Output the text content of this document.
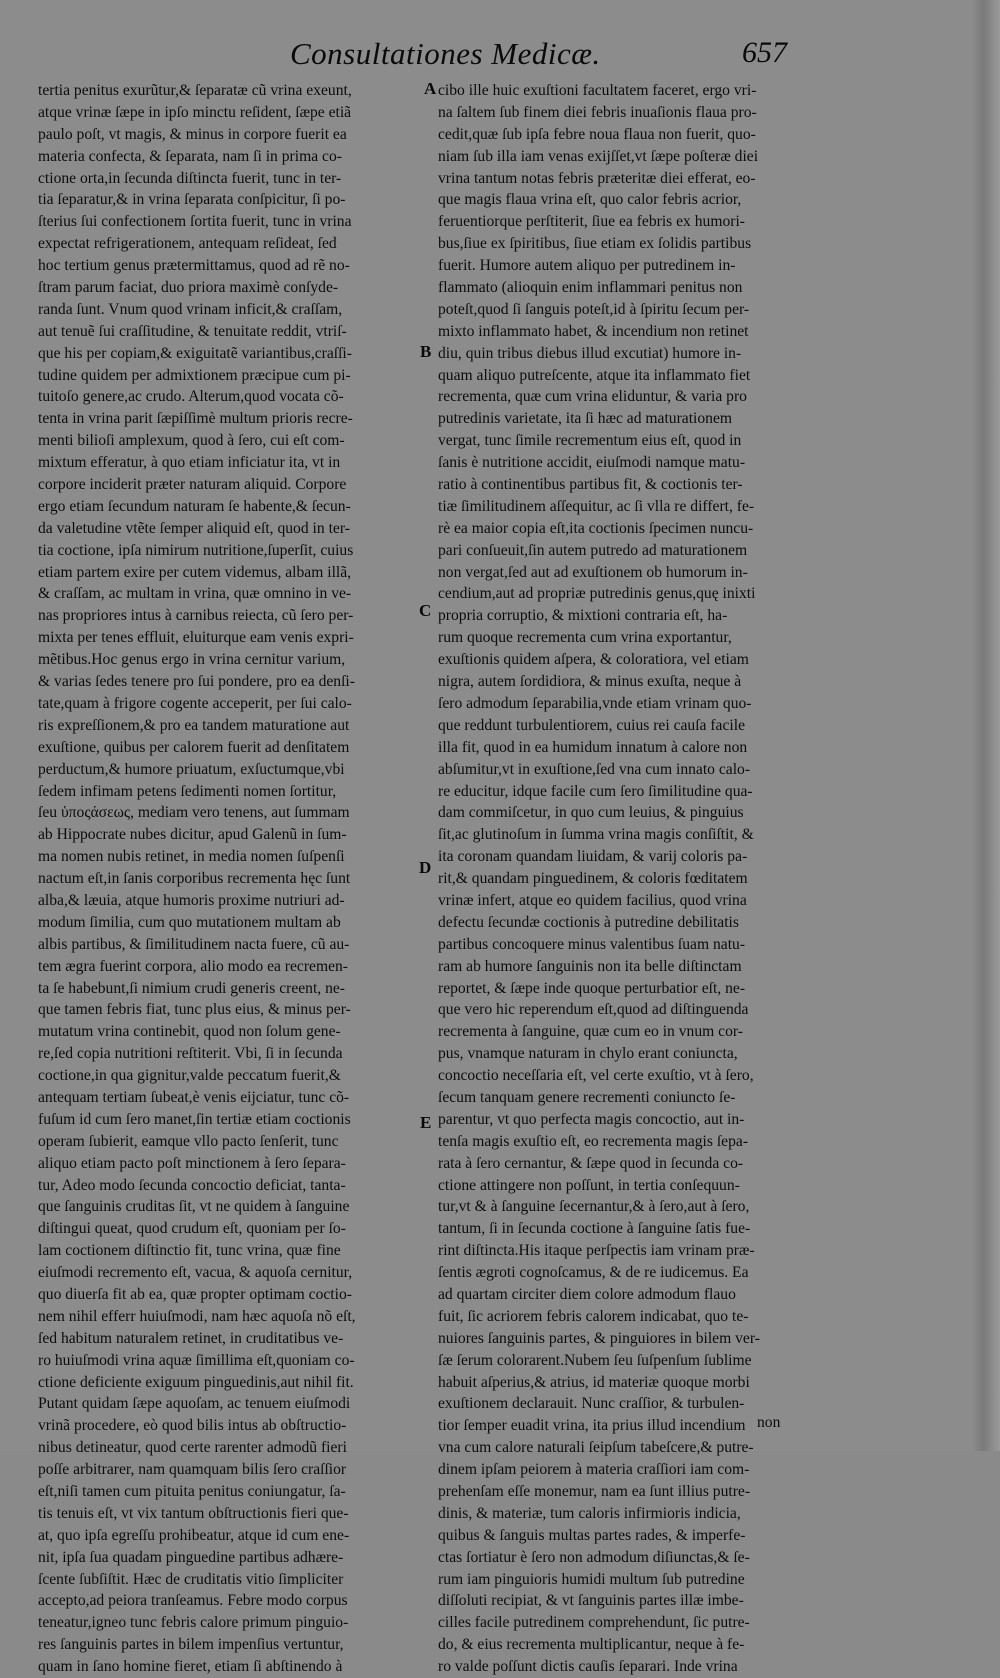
Consultationes Medicæ.	657
A
B
C
D
E
tertia penitus exurũtur,& ſeparatæ cũ vrina exeunt,
atque vrinæ ſæpe in ipſo minctu reſident, ſæpe etiã
paulo poſt, vt magis, & minus in corpore fuerit ea
materia confecta, & ſeparata, nam ſi in prima co-
ctione orta,in ſecunda diſtincta fuerit, tunc in ter-
tia ſeparatur,& in vrina ſeparata conſpicitur, ſi po-
ſterius ſui confectionem ſortita fuerit, tunc in vrina
expectat refrigerationem, antequam reſideat, ſed
hoc tertium genus prætermittamus, quod ad rẽ no-
ſtram parum faciat, duo priora maximè conſyde-
randa ſunt. Vnum quod vrinam inficit,& craſſam,
aut tenuẽ ſui craſſitudine, & tenuitate reddit, vtriſ-
que his per copiam,& exiguitatẽ variantibus,craſſi-
tudine quidem per admixtionem præcipue cum pi-
tuitoſo genere,ac crudo. Alterum,quod vocata cõ-
tenta in vrina parit ſæpiſſimè multum prioris recre-
menti bilioſi amplexum, quod à ſero, cui eſt com-
mixtum efferatur, à quo etiam inficiatur ita, vt in
corpore inciderit præter naturam aliquid. Corpore
ergo etiam ſecundum naturam ſe habente,& ſecun-
da valetudine vtẽte ſemper aliquid eſt, quod in ter-
tia coctione, ipſa nimirum nutritione,ſuperſit, cuius
etiam partem exire per cutem videmus, albam illã,
& craſſam, ac multam in vrina, quæ omnino in ve-
nas propriores intus à carnibus reiecta, cũ ſero per-
mixta per tenes effluit, eluiturque eam venis expri-
mẽtibus.Hoc genus ergo in vrina cernitur varium,
& varias ſedes tenere pro ſui pondere, pro ea denſi-
tate,quam à frigore cogente acceperit, per ſui calo-
ris expreſſionem,& pro ea tandem maturatione aut
exuſtione, quibus per calorem fuerit ad denſitatem
perductum,& humore priuatum, exſuctumque,vbi
ſedem infimam petens ſedimenti nomen ſortitur,
ſeu ὑποςάσεως, mediam vero tenens, aut ſummam
ab Hippocrate nubes dicitur, apud Galenũ in ſum-
ma nomen nubis retinet, in media nomen ſuſpenſi
nactum eſt,in ſanis corporibus recrementa hęc ſunt
alba,& læuia, atque humoris proxime nutriuri ad-
modum ſimilia, cum quo mutationem multam ab
albis partibus, & ſimilitudinem nacta fuere, cũ au-
tem ægra fuerint corpora, alio modo ea recremen-
ta ſe habebunt,ſi nimium crudi generis creent, ne-
que tamen febris fiat, tunc plus eius, & minus per-
mutatum vrina continebit, quod non ſolum gene-
re,ſed copia nutritioni reſtiterit. Vbi, ſi in ſecunda
coctione,in qua gignitur,valde peccatum fuerit,&
antequam tertiam ſubeat,è venis eijciatur, tunc cõ-
fuſum id cum ſero manet,ſin tertiæ etiam coctionis
operam ſubierit, eamque vllo pacto ſenſerit, tunc
aliquo etiam pacto poſt minctionem à ſero ſepara-
tur, Adeo modo ſecunda concoctio deficiat, tanta-
que ſanguinis cruditas ſit, vt ne quidem à ſanguine
diſtingui queat, quod crudum eſt, quoniam per ſo-
lam coctionem diſtinctio fit, tunc vrina, quæ fine
eiuſmodi recremento eſt, vacua, & aquoſa cernitur,
quo diuerſa fit ab ea, quæ propter optimam coctio-
nem nihil efferr huiuſmodi, nam hæc aquoſa nõ eſt,
ſed habitum naturalem retinet, in cruditatibus ve-
ro huiuſmodi vrina aquæ ſimillima eſt,quoniam co-
ctione deficiente exiguum pinguedinis,aut nihil fit.
Putant quidam ſæpe aquoſam, ac tenuem eiuſmodi
vrinã procedere, eò quod bilis intus ab obſtructio-
nibus detineatur, quod certe rarenter admodũ fieri
poſſe arbitrarer, nam quamquam bilis ſero craſſior
eſt,niſi tamen cum pituita penitus coniungatur, ſa-
tis tenuis eſt, vt vix tantum obſtructionis fieri que-
at, quo ipſa egreſſu prohibeatur, atque id cum ene-
nit, ipſa ſua quadam pinguedine partibus adhære-
ſcente ſubſiſtit. Hæc de cruditatis vitio ſimpliciter
accepto,ad peiora tranſeamus. Febre modo corpus
teneatur,igneo tunc febris calore primum pinguio-
res ſanguinis partes in bilem impenſius vertuntur,
quam in ſano homine fieret, etiam ſi abſtinendo à
cibo ille huic exuſtioni facultatem faceret, ergo vri-
na ſaltem ſub finem diei febris inuaſionis flaua pro-
cedit,quæ ſub ipſa febre noua flaua non fuerit, quo-
niam ſub illa iam venas exijſſet,vt ſæpe poſteræ diei
vrina tantum notas febris præteritæ diei efferat, eo-
que magis flaua vrina eſt, quo calor febris acrior,
feruentiorque perſtiterit, ſiue ea febris ex humori-
bus,ſiue ex ſpiritibus, ſiue etiam ex ſolidis partibus
fuerit. Humore autem aliquo per putredinem in-
flammato (alioquin enim inflammari penitus non
poteſt,quod ſi ſanguis poteſt,id à ſpiritu ſecum per-
mixto inflammato habet, & incendium non retinet
diu, quin tribus diebus illud excutiat) humore in-
quam aliquo putreſcente, atque ita inflammato fiet
recrementa, quæ cum vrina eliduntur, & varia pro
putredinis varietate, ita ſi hæc ad maturationem
vergat, tunc ſimile recrementum eius eſt, quod in
ſanis è nutritione accidit, eiuſmodi namque matu-
ratio à continentibus partibus fit, & coctionis ter-
tiæ ſimilitudinem aſſequitur, ac ſi vlla re differt, fe-
rè ea maior copia eſt,ita coctionis ſpecimen nuncu-
pari conſueuit,ſin autem putredo ad maturationem
non vergat,ſed aut ad exuſtionem ob humorum in-
cendium,aut ad propriæ putredinis genus,quę inixti
propria corruptio, & mixtioni contraria eſt, ha-
rum quoque recrementa cum vrina exportantur,
exuſtionis quidem aſpera, & coloratiora, vel etiam
nigra, autem ſordidiora, & minus exuſta, neque à
ſero admodum ſeparabilia,vnde etiam vrinam quo-
que reddunt turbulentiorem, cuius rei cauſa facile
illa fit, quod in ea humidum innatum à calore non
abſumitur,vt in exuſtione,ſed vna cum innato calo-
re educitur, idque facile cum ſero ſimilitudine qua-
dam commiſcetur, in quo cum leuius, & pinguius
ſit,ac glutinoſum in ſumma vrina magis conſiſtit, &
ita coronam quandam liuidam, & varij coloris pa-
rit,& quandam pinguedinem, & coloris fœditatem
vrinæ infert, atque eo quidem facilius, quod vrina
defectu ſecundæ coctionis à putredine debilitatis
partibus concoquere minus valentibus ſuam natu-
ram ab humore ſanguinis non ita belle diſtinctam
reportet, & ſæpe inde quoque perturbatior eſt, ne-
que vero hic reperendum eſt,quod ad diſtinguenda
recrementa à ſanguine, quæ cum eo in vnum cor-
pus, vnamque naturam in chylo erant coniuncta,
concoctio neceſſaria eſt, vel certe exuſtio, vt à ſero,
ſecum tanquam genere recrementi coniuncto ſe-
parentur, vt quo perfecta magis concoctio, aut in-
tenſa magis exuſtio eſt, eo recrementa magis ſepa-
rata à ſero cernantur, & ſæpe quod in ſecunda co-
ctione attingere non poſſunt, in tertia conſequun-
tur,vt & à ſanguine ſecernantur,& à ſero,aut à ſero,
tantum, ſi in ſecunda coctione à ſanguine ſatis fue-
rint diſtincta.His itaque perſpectis iam vrinam præ-
ſentis ægroti cognoſcamus, & de re iudicemus. Ea
ad quartam circiter diem colore admodum flauo
fuit, ſic acriorem febris calorem indicabat, quo te-
nuiores ſanguinis partes, & pinguiores in bilem ver-
ſæ ſerum colorarent.Nubem ſeu ſuſpenſum ſublime
habuit aſperius,& atrius, id materiæ quoque morbi
exuſtionem declarauit. Nunc craſſior, & turbulen-
tior ſemper euadit vrina, ita prius illud incendium
vna cum calore naturali ſeipſum tabeſcere,& putre-
dinem ipſam peiorem à materia craſſiori iam com-
prehenſam eſſe monemur, nam ea ſunt illius putre-
dinis, & materiæ, tum caloris infirmioris indicia,
quibus & ſanguis multas partes rades, & imperfe-
ctas ſortiatur è ſero non admodum diſiunctas,& ſe-
rum iam pinguioris humidi multum ſub putredine
diſſoluti recipiat, & vt ſanguinis partes illæ imbe-
cilles facile putredinem comprehendunt, ſic putre-
do, & eius recrementa multiplicantur, neque à fe-
ro valde poſſunt dictis cauſis ſeparari. Inde vrina
non
